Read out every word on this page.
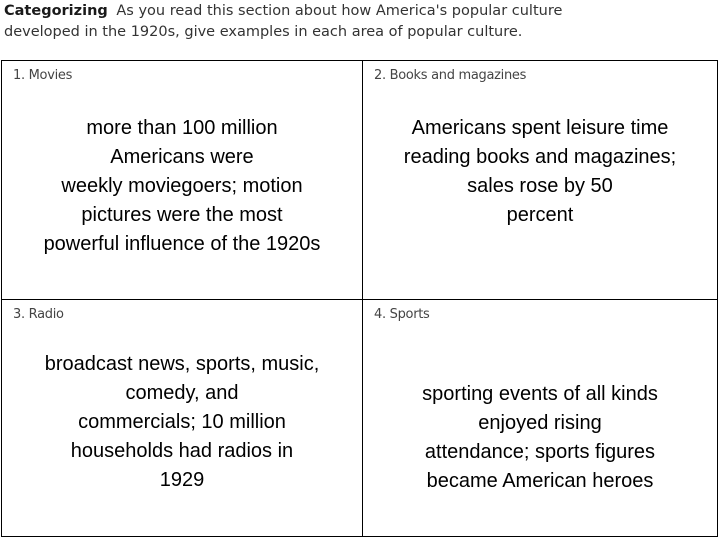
Categorizing As you read this section about how America's popular culture
developed in the 1920s, give examples in each area of popular culture.
1. Movies
more than 100 million
Americans were
weekly moviegoers; motion
pictures were the most
powerful influence of the 1920s
2. Books and magazines
Americans spent leisure time
reading books and magazines;
sales rose by 50
percent
3. Radio
broadcast news, sports, music,
comedy, and
commercials; 10 million
households had radios in
1929
4. Sports
sporting events of all kinds
enjoyed rising
attendance; sports figures
became American heroes
